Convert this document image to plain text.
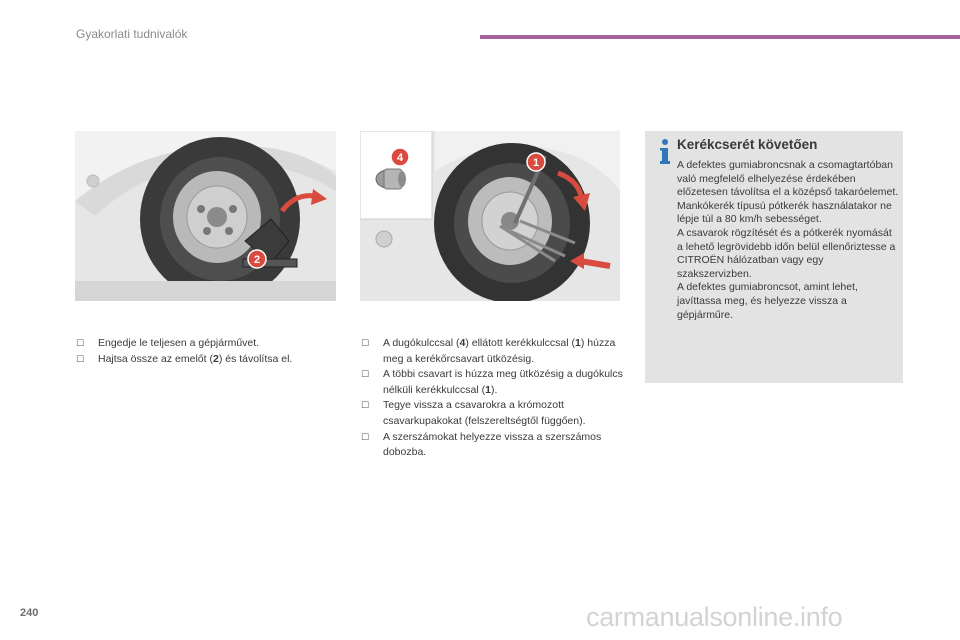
Gyakorlati tudnivalók
2
4	1
Kerékcserét követően

A defektes gumiabroncsnak a csomagtartóban való megfelelő elhelyezése érdekében előzetesen távolítsa el a középső takaróelemet.

Mankókerék típusú pótkerék használatakor ne lépje túl a 80 km/h sebességet.

A csavarok rögzítését és a pótkerék nyomását a lehető legrövidebb időn belül ellenőriztesse a CITROËN hálózatban vagy egy szakszervizben.

A defektes gumiabroncsot, amint lehet, javíttassa meg, és helyezze vissza a gépjárműre.

☐ Engedje le teljesen a gépjárművet.
☐ Hajtsa össze az emelőt (2) és távolítsa el.
☐ A dugókulccsal (4) ellátott kerékkulccsal (1) húzza meg a kerékőrcsavart ütközésig.
☐ A többi csavart is húzza meg ütközésig a dugókulcs nélküli kerékkulccsal (1).
☐ Tegye vissza a csavarokra a krómozott csavarkupakokat (felszereltségtől függően).
☐ A szerszámokat helyezze vissza a szerszámos dobozba.
240	carmanualsonline.info
